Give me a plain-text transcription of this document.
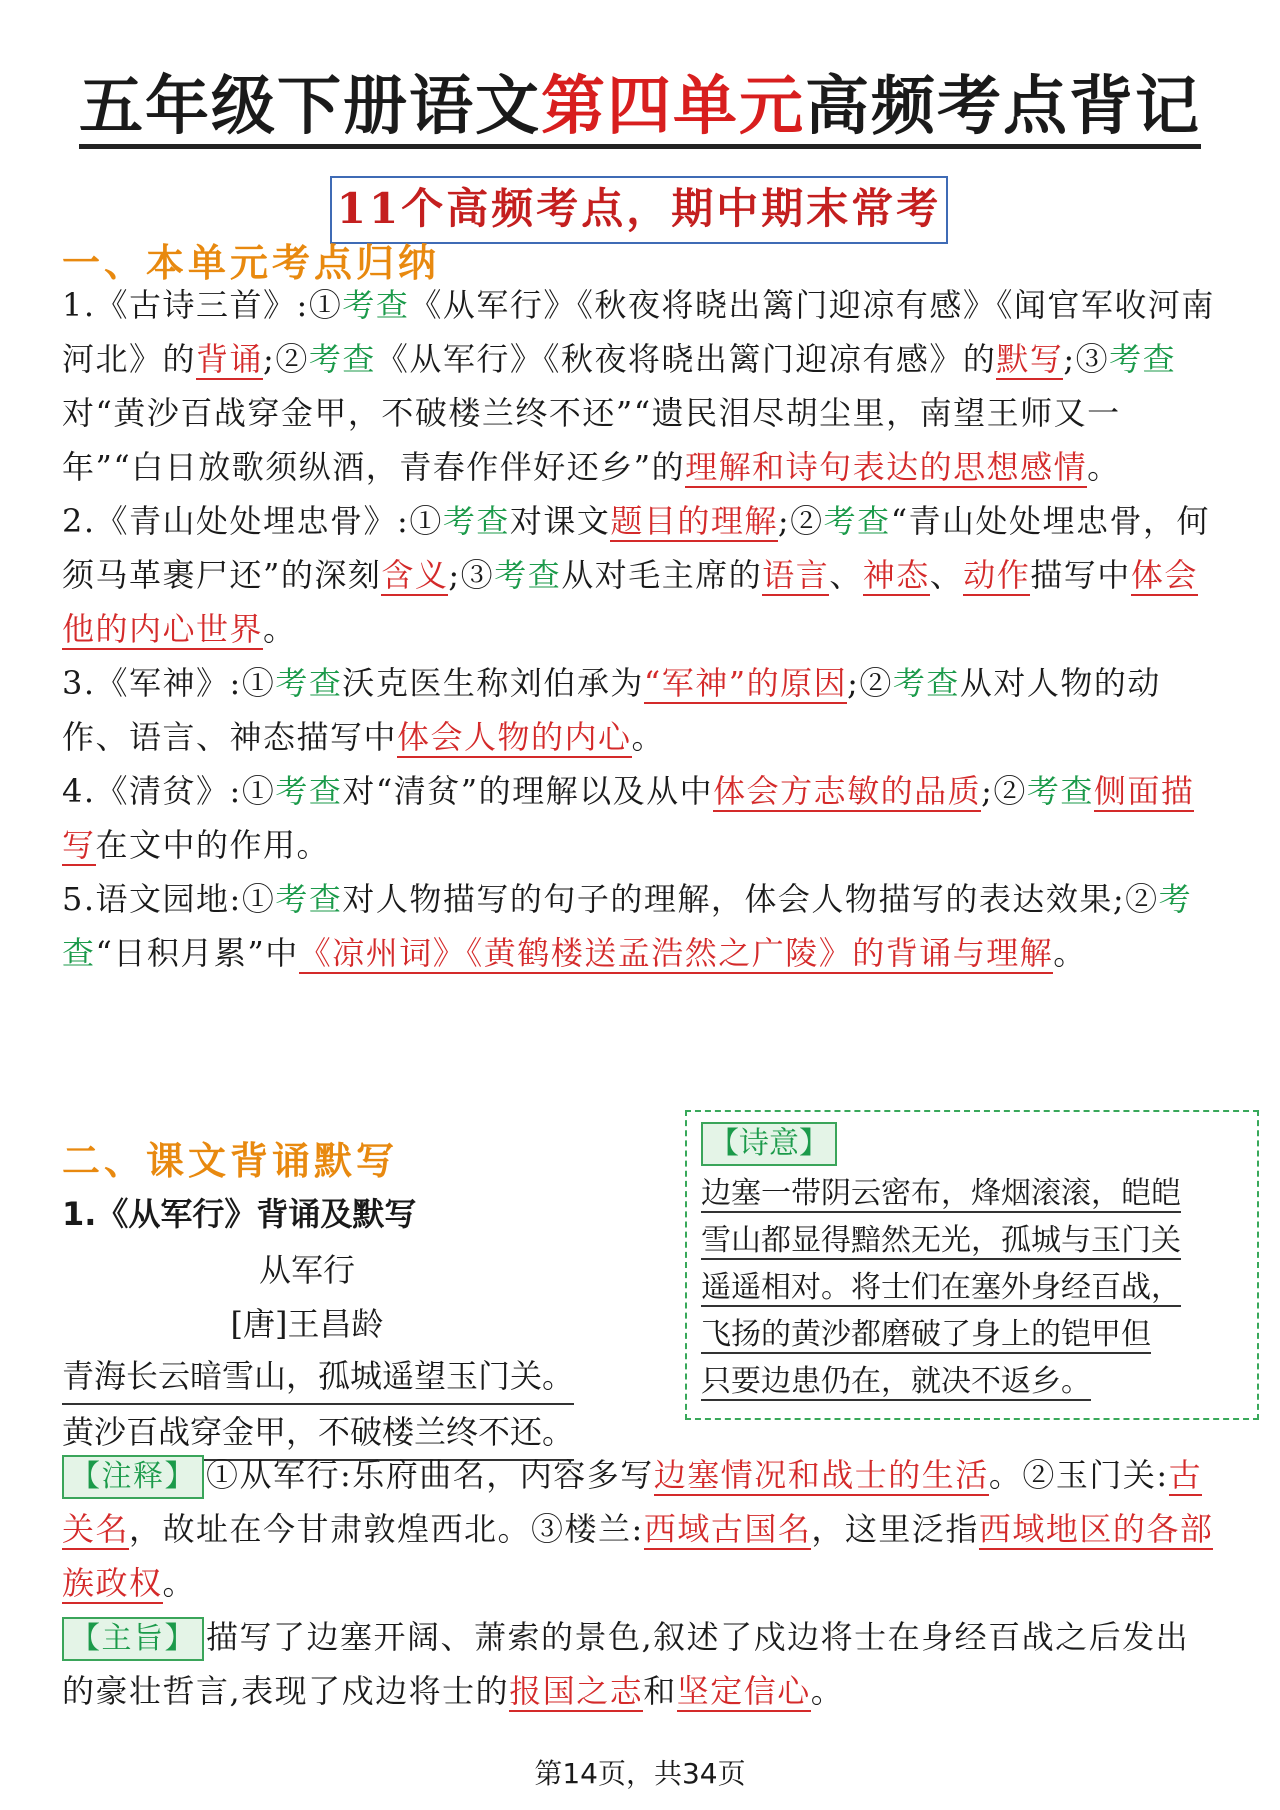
五年级下册语文第四单元高频考点背记
11个高频考点，期中期末常考
一、本单元考点归纳
1.《古诗三首》:①考查《从军行》《秋夜将晓出篱门迎凉有感》《闻官军收河南河北》的背诵;②考查《从军行》《秋夜将晓出篱门迎凉有感》的默写;③考查对“黄沙百战穿金甲，不破楼兰终不还”“遗民泪尽胡尘里，南望王师又一年”“白日放歌须纵酒，青春作伴好还乡”的理解和诗句表达的思想感情。
2.《青山处处埋忠骨》:①考查对课文题目的理解;②考查“青山处处埋忠骨，何须马革裹尸还”的深刻含义;③考查从对毛主席的语言、神态、动作描写中体会他的内心世界。
3.《军神》:①考查沃克医生称刘伯承为“军神”的原因;②考查从对人物的动作、语言、神态描写中体会人物的内心。
4.《清贫》:①考查对“清贫”的理解以及从中体会方志敏的品质;②考查侧面描写在文中的作用。
5.语文园地:①考查对人物描写的句子的理解，体会人物描写的表达效果;②考查“日积月累”中《凉州词》《黄鹤楼送孟浩然之广陵》的背诵与理解。
二、课文背诵默写
1.《从军行》背诵及默写
从军行
[唐]王昌龄
青海长云暗雪山，孤城遥望玉门关。
黄沙百战穿金甲，不破楼兰终不还。
【诗意】
边塞一带阴云密布，烽烟滚滚，皑皑
雪山都显得黯然无光，孤城与玉门关
遥遥相对。将士们在塞外身经百战，
飞扬的黄沙都磨破了身上的铠甲但
只要边患仍在，就决不返乡。
【注释】 ①从军行:乐府曲名，内容多写边塞情况和战士的生活。②玉门关:古关名，故址在今甘肃敦煌西北。③楼兰:西域古国名，这里泛指西域地区的各部族政权。
【主旨】 描写了边塞开阔、萧索的景色,叙述了戍边将士在身经百战之后发出的豪壮哲言,表现了戍边将士的报国之志和坚定信心。
第14页，共34页
